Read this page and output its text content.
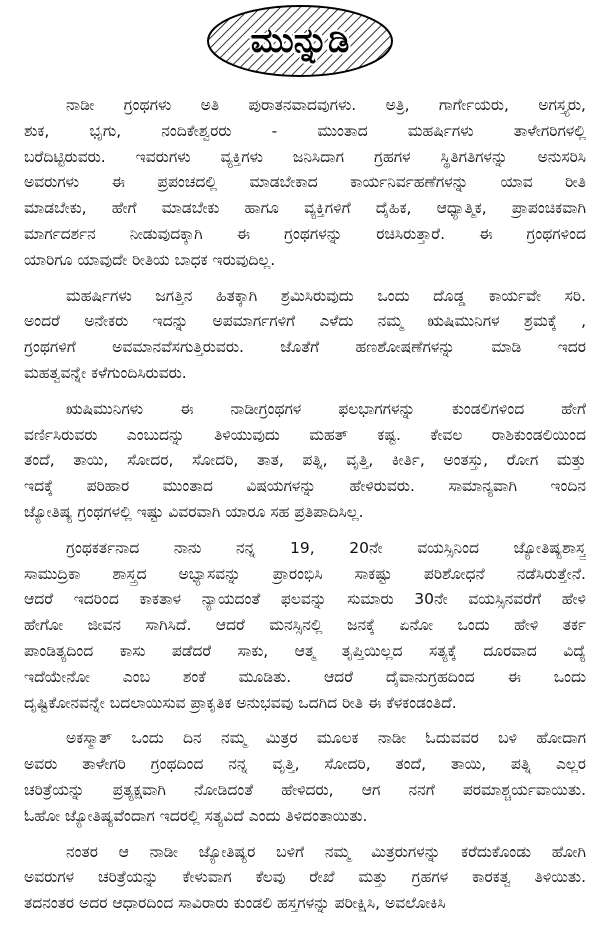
ಮುನ್ನುಡಿ
ನಾಡೀ ಗ್ರಂಥಗಳು ಅತಿ ಪುರಾತನವಾದವುಗಳು. ಅತ್ರಿ, ಗಾರ್ಗೇಯರು, ಅಗಸ್ತ್ಯರು,
ಶುಕ, ಭೃಗು, ನಂದಿಕೇಶ್ವರರು - ಮುಂತಾದ ಮಹರ್ಷಿಗಳು ತಾಳೇಗರಿಗಳಲ್ಲಿ
ಬರೆದಿಟ್ಟಿರುವರು. ಇವರುಗಳು ವ್ಯಕ್ತಿಗಳು ಜನಿಸಿದಾಗ ಗ್ರಹಗಳ ಸ್ಥಿತಿಗತಿಗಳನ್ನು ಅನುಸರಿಸಿ
ಅವರುಗಳು ಈ ಪ್ರಪಂಚದಲ್ಲಿ ಮಾಡಬೇಕಾದ ಕಾರ್ಯನಿರ್ವಹಣೆಗಳನ್ನು ಯಾವ ರೀತಿ
ಮಾಡಬೇಕು, ಹೇಗೆ ಮಾಡಬೇಕು ಹಾಗೂ ವ್ಯಕ್ತಿಗಳಿಗೆ ದೈಹಿಕ, ಆಧ್ಯಾತ್ಮಿಕ, ಪ್ರಾಪಂಚಿಕವಾಗಿ
ಮಾರ್ಗದರ್ಶನ ನೀಡುವುದಕ್ಕಾಗಿ ಈ ಗ್ರಂಥಗಳನ್ನು ರಚಿಸಿರುತ್ತಾರೆ. ಈ ಗ್ರಂಥಗಳಿಂದ
ಯಾರಿಗೂ ಯಾವುದೇ ರೀತಿಯ ಬಾಧಕ ಇರುವುದಿಲ್ಲ.
ಮಹರ್ಷಿಗಳು ಜಗತ್ತಿನ ಹಿತಕ್ಕಾಗಿ ಶ್ರಮಿಸಿರುವುದು ಒಂದು ದೊಡ್ಡ ಕಾರ್ಯವೇ ಸರಿ.
ಅಂದರೆ ಅನೇಕರು ಇದನ್ನು ಅಪಮಾರ್ಗಗಳಿಗೆ ಎಳೆದು ನಮ್ಮ ಋಷಿಮುನಿಗಳ ಶ್ರಮಕ್ಕೆ ,
ಗ್ರಂಥಗಳಿಗೆ ಅವಮಾನವೆಸಗುತ್ತಿರುವರು. ಜೊತೆಗೆ ಹಣಶೋಷಣೆಗಳನ್ನು ಮಾಡಿ ಇದರ
ಮಹತ್ವವನ್ನೇ ಕಳೆಗುಂದಿಸಿರುವರು.
ಋಷಿಮುನಿಗಳು ಈ ನಾಡೀಗ್ರಂಥಗಳ ಫಲಭಾಗಗಳನ್ನು ಕುಂಡಲಿಗಳಿಂದ ಹೇಗೆ
ವರ್ಣಿಸಿರುವರು ಎಂಬುದನ್ನು ತಿಳಿಯುವುದು ಮಹತ್ ಕಷ್ಟ. ಕೇವಲ ರಾಶಿಕುಂಡಲಿಯಿಂದ
ತಂದೆ, ತಾಯಿ, ಸೋದರ, ಸೋದರಿ, ತಾತ, ಪತ್ನಿ, ವೃತ್ತಿ, ಕೀರ್ತಿ, ಅಂತಸ್ತು, ರೋಗ ಮತ್ತು
ಇದಕ್ಕೆ ಪರಿಹಾರ ಮುಂತಾದ ವಿಷಯಗಳನ್ನು ಹೇಳಿರುವರು. ಸಾಮಾನ್ಯವಾಗಿ ಇಂದಿನ
ಜ್ಯೋತಿಷ್ಯ ಗ್ರಂಥಗಳಲ್ಲಿ ಇಷ್ಟು ವಿವರವಾಗಿ ಯಾರೂ ಸಹ ಪ್ರತಿಪಾದಿಸಿಲ್ಲ.
ಗ್ರಂಥಕರ್ತನಾದ ನಾನು ನನ್ನ 19, 20ನೇ ವಯಸ್ಸಿನಿಂದ ಜ್ಯೋತಿಷ್ಯಶಾಸ್ತ್ರ
ಸಾಮುದ್ರಿಕಾ ಶಾಸ್ತ್ರದ ಅಭ್ಯಾಸವನ್ನು ಪ್ರಾರಂಭಿಸಿ ಸಾಕಷ್ಟು ಪರಿಶೋಧನೆ ನಡೆಸಿರುತ್ತೇನೆ.
ಆದರೆ ಇದರಿಂದ ಕಾಕತಾಳ ನ್ಯಾಯದಂತೆ ಫಲವನ್ನು ಸುಮಾರು 30ನೇ ವಯಸ್ಸಿನವರೆಗೆ ಹೇಳಿ
ಹೇಗೋ ಜೀವನ ಸಾಗಿಸಿದೆ. ಆದರೆ ಮನಸ್ಸಿನಲ್ಲಿ ಜನಕ್ಕೆ ಏನೋ ಒಂದು ಹೇಳಿ ತರ್ಕ
ಪಾಂಡಿತ್ಯದಿಂದ ಕಾಸು ಪಡೆದರೆ ಸಾಕು, ಆತ್ಮ ತೃಪ್ತಿಯಿಲ್ಲದ ಸತ್ಯಕ್ಕೆ ದೂರವಾದ ವಿದ್ಯೆ
ಇದೆಯೇನೋ ಎಂಬ ಶಂಕೆ ಮೂಡಿತು. ಆದರೆ ದೈವಾನುಗ್ರಹದಿಂದ ಈ ಒಂದು
ದೃಷ್ಟಿಕೋನವನ್ನೇ ಬದಲಾಯಿಸುವ ಪ್ರಾಕೃತಿಕ ಅನುಭವವು ಒದಗಿದ ರೀತಿ ಈ ಕೆಳಕಂಡಂತಿದೆ.
ಅಕಸ್ಮಾತ್ ಒಂದು ದಿನ ನಮ್ಮ ಮಿತ್ರರ ಮೂಲಕ ನಾಡೀ ಓದುವವರ ಬಳಿ ಹೋದಾಗ
ಅವರು ತಾಳೇಗರಿ ಗ್ರಂಥದಿಂದ ನನ್ನ ವೃತ್ತಿ, ಸೋದರಿ, ತಂದೆ, ತಾಯಿ, ಪತ್ನಿ ಎಲ್ಲರ
ಚರಿತ್ರೆಯನ್ನು ಪ್ರತ್ಯಕ್ಷವಾಗಿ ನೋಡಿದಂತೆ ಹೇಳಿದರು, ಆಗ ನನಗೆ ಪರಮಾಶ್ಚರ್ಯವಾಯಿತು.
ಓಹೋ ಜ್ಯೋತಿಷ್ಯವೆಂದಾಗ ಇದರಲ್ಲಿ ಸತ್ಯವಿದೆ ಎಂದು ತಿಳಿದಂತಾಯಿತು.
ನಂತರ ಆ ನಾಡೀ ಜ್ಯೋತಿಷ್ಯರ ಬಳಿಗೆ ನಮ್ಮ ಮಿತ್ರರುಗಳನ್ನು ಕರೆದುಕೊಂಡು ಹೋಗಿ
ಅವರುಗಳ ಚರಿತ್ರೆಯನ್ನು ಕೇಳುವಾಗ ಕೆಲವು ರೇಖೆ ಮತ್ತು ಗ್ರಹಗಳ ಕಾರಕತ್ವ ತಿಳಿಯಿತು.
ತದನಂತರ ಅದರ ಆಧಾರದಿಂದ ಸಾವಿರಾರು ಕುಂಡಲಿ ಹಸ್ತಗಳನ್ನು ಪರೀಕ್ಷಿಸಿ, ಅವಲೋಕಿಸಿ
